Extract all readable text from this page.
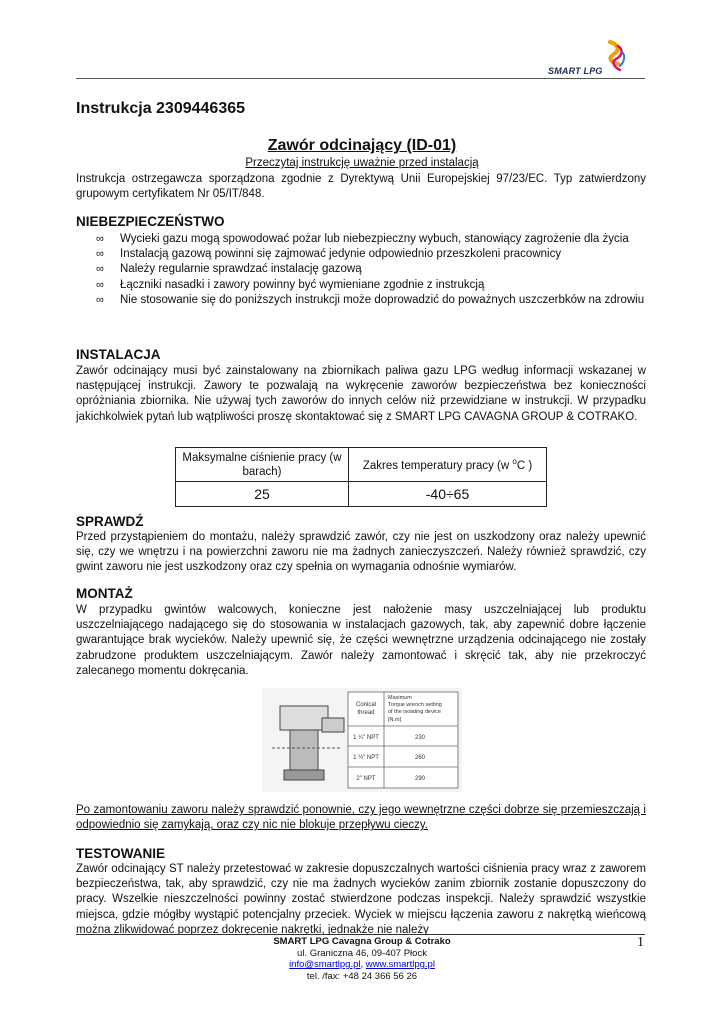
SMART LPG
Instrukcja 2309446365
Zawór odcinający (ID-01)
Przeczytaj instrukcję uważnie przed instalacją
Instrukcja ostrzegawcza sporządzona zgodnie z Dyrektywą Unii Europejskiej 97/23/EC. Typ zatwierdzony grupowym certyfikatem Nr 05/IT/848.
NIEBEZPIECZEŃSTWO
∞ Wycieki gazu mogą spowodować pożar lub niebezpieczny wybuch, stanowiący zagrożenie dla życia
∞ Instalacją gazową powinni się zajmować jedynie odpowiednio przeszkoleni pracownicy
∞ Należy regularnie sprawdzać instalację gazową
∞ Łączniki nasadki i zawory powinny być wymieniane zgodnie z instrukcją
∞ Nie stosowanie się do poniższych instrukcji może doprowadzić do poważnych uszczerbków na zdrowiu
INSTALACJA
Zawór odcinający musi być zainstalowany na zbiornikach paliwa gazu LPG według informacji wskazanej w następującej instrukcji. Zawory te pozwalają na wykręcenie zaworów bezpieczeństwa bez konieczności opróżniania zbiornika. Nie używaj tych zaworów do innych celów niż przewidziane w instrukcji. W przypadku jakichkolwiek pytań lub wątpliwości proszę skontaktować się z SMART LPG CAVAGNA GROUP & COTRAKO.
Maksymalne ciśnienie pracy (w barach)	Zakres temperatury pracy (w $^o$C )
25	-40÷65
SPRAWDŹ
Przed przystąpieniem do montażu, należy sprawdzić zawór, czy nie jest on uszkodzony oraz należy upewnić się, czy we wnętrzu i na powierzchni zaworu nie ma żadnych zanieczyszczeń. Należy również sprawdzić, czy gwint zaworu nie jest uszkodzony oraz czy spełnia on wymagania odnośnie wymiarów.
MONTAŻ
W przypadku gwintów walcowych, konieczne jest nałożenie masy uszczelniającej lub produktu uszczelniającego nadającego się do stosowania w instalacjach gazowych, tak, aby zapewnić dobre łączenie gwarantujące brak wycieków. Należy upewnić się, że części wewnętrzne urządzenia odcinającego nie zostały zabrudzone produktem uszczelniającym. Zawór należy zamontować i skręcić tak, aby nie przekroczyć zalecanego momentu dokręcania.
Conical
thread
Maximum
Torque wrench setting
of the isolating device
[N.m]
1 ¼" NPT	230
1 ½" NPT	260
2" NPT	290
Po zamontowaniu zaworu należy sprawdzić ponownie, czy jego wewnętrzne części dobrze się przemieszczają i odpowiednio się zamykają, oraz czy nic nie blokuje przepływu cieczy.
TESTOWANIE
Zawór odcinający ST należy przetestować w zakresie dopuszczalnych wartości ciśnienia pracy wraz z zaworem bezpieczeństwa, tak, aby sprawdzić, czy nie ma żadnych wycieków zanim zbiornik zostanie dopuszczony do pracy. Wszelkie nieszczelności powinny zostać stwierdzone podczas inspekcji. Należy sprawdzić wszystkie miejsca, gdzie mógłby wystąpić potencjalny przeciek. Wyciek w miejscu łączenia zaworu z nakrętką wieńcową można zlikwidować poprzez dokręcenie nakrętki, jednakże nie należy
1
SMART LPG Cavagna Group & Cotrako
ul. Graniczna 46, 09-407 Płock
info@smartlpg.pl, www.smartlpg.pl
tel. /fax: +48 24 366 56 26
